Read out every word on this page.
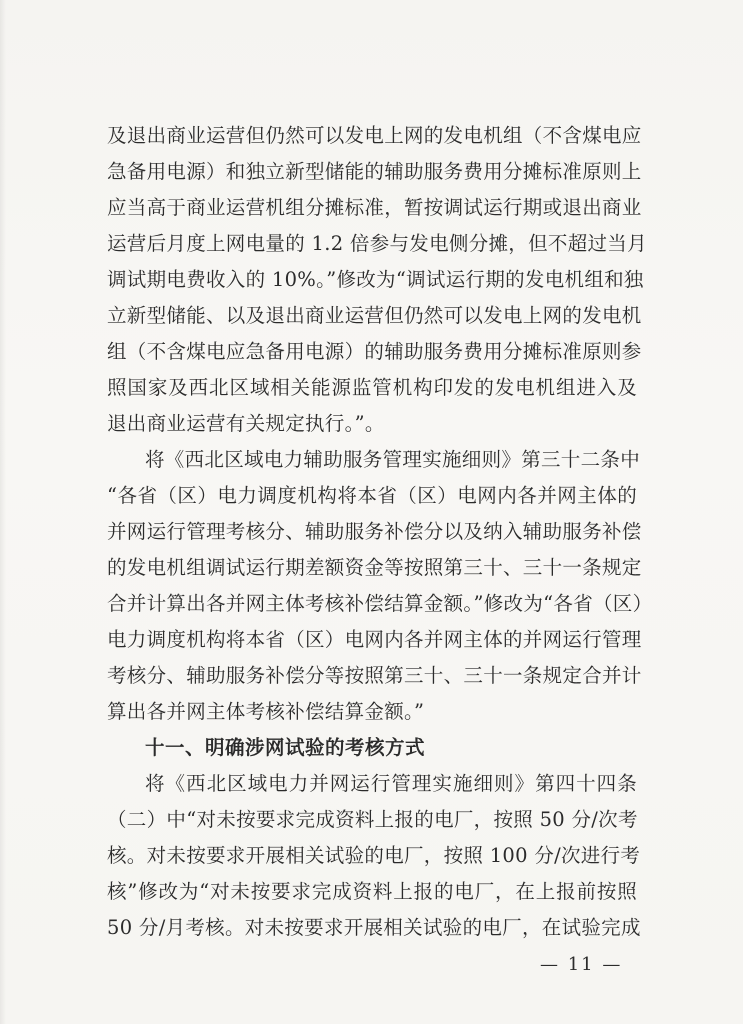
及退出商业运营但仍然可以发电上网的发电机组（不含煤电应
急备用电源）和独立新型储能的辅助服务费用分摊标准原则上
应当高于商业运营机组分摊标准，暂按调试运行期或退出商业
运营后月度上网电量的 1.2 倍参与发电侧分摊，但不超过当月
调试期电费收入的 10%。”修改为“调试运行期的发电机组和独
立新型储能、以及退出商业运营但仍然可以发电上网的发电机
组（不含煤电应急备用电源）的辅助服务费用分摊标准原则参
照国家及西北区域相关能源监管机构印发的发电机组进入及
退出商业运营有关规定执行。”。
将《西北区域电力辅助服务管理实施细则》第三十二条中
“各省（区）电力调度机构将本省（区）电网内各并网主体的
并网运行管理考核分、辅助服务补偿分以及纳入辅助服务补偿
的发电机组调试运行期差额资金等按照第三十、三十一条规定
合并计算出各并网主体考核补偿结算金额。”修改为“各省（区）
电力调度机构将本省（区）电网内各并网主体的并网运行管理
考核分、辅助服务补偿分等按照第三十、三十一条规定合并计
算出各并网主体考核补偿结算金额。”
十一、明确涉网试验的考核方式
将《西北区域电力并网运行管理实施细则》第四十四条
（二）中“对未按要求完成资料上报的电厂，按照 50 分/次考
核。对未按要求开展相关试验的电厂，按照 100 分/次进行考
核”修改为“对未按要求完成资料上报的电厂，在上报前按照
50 分/月考核。对未按要求开展相关试验的电厂，在试验完成
— 11 —
